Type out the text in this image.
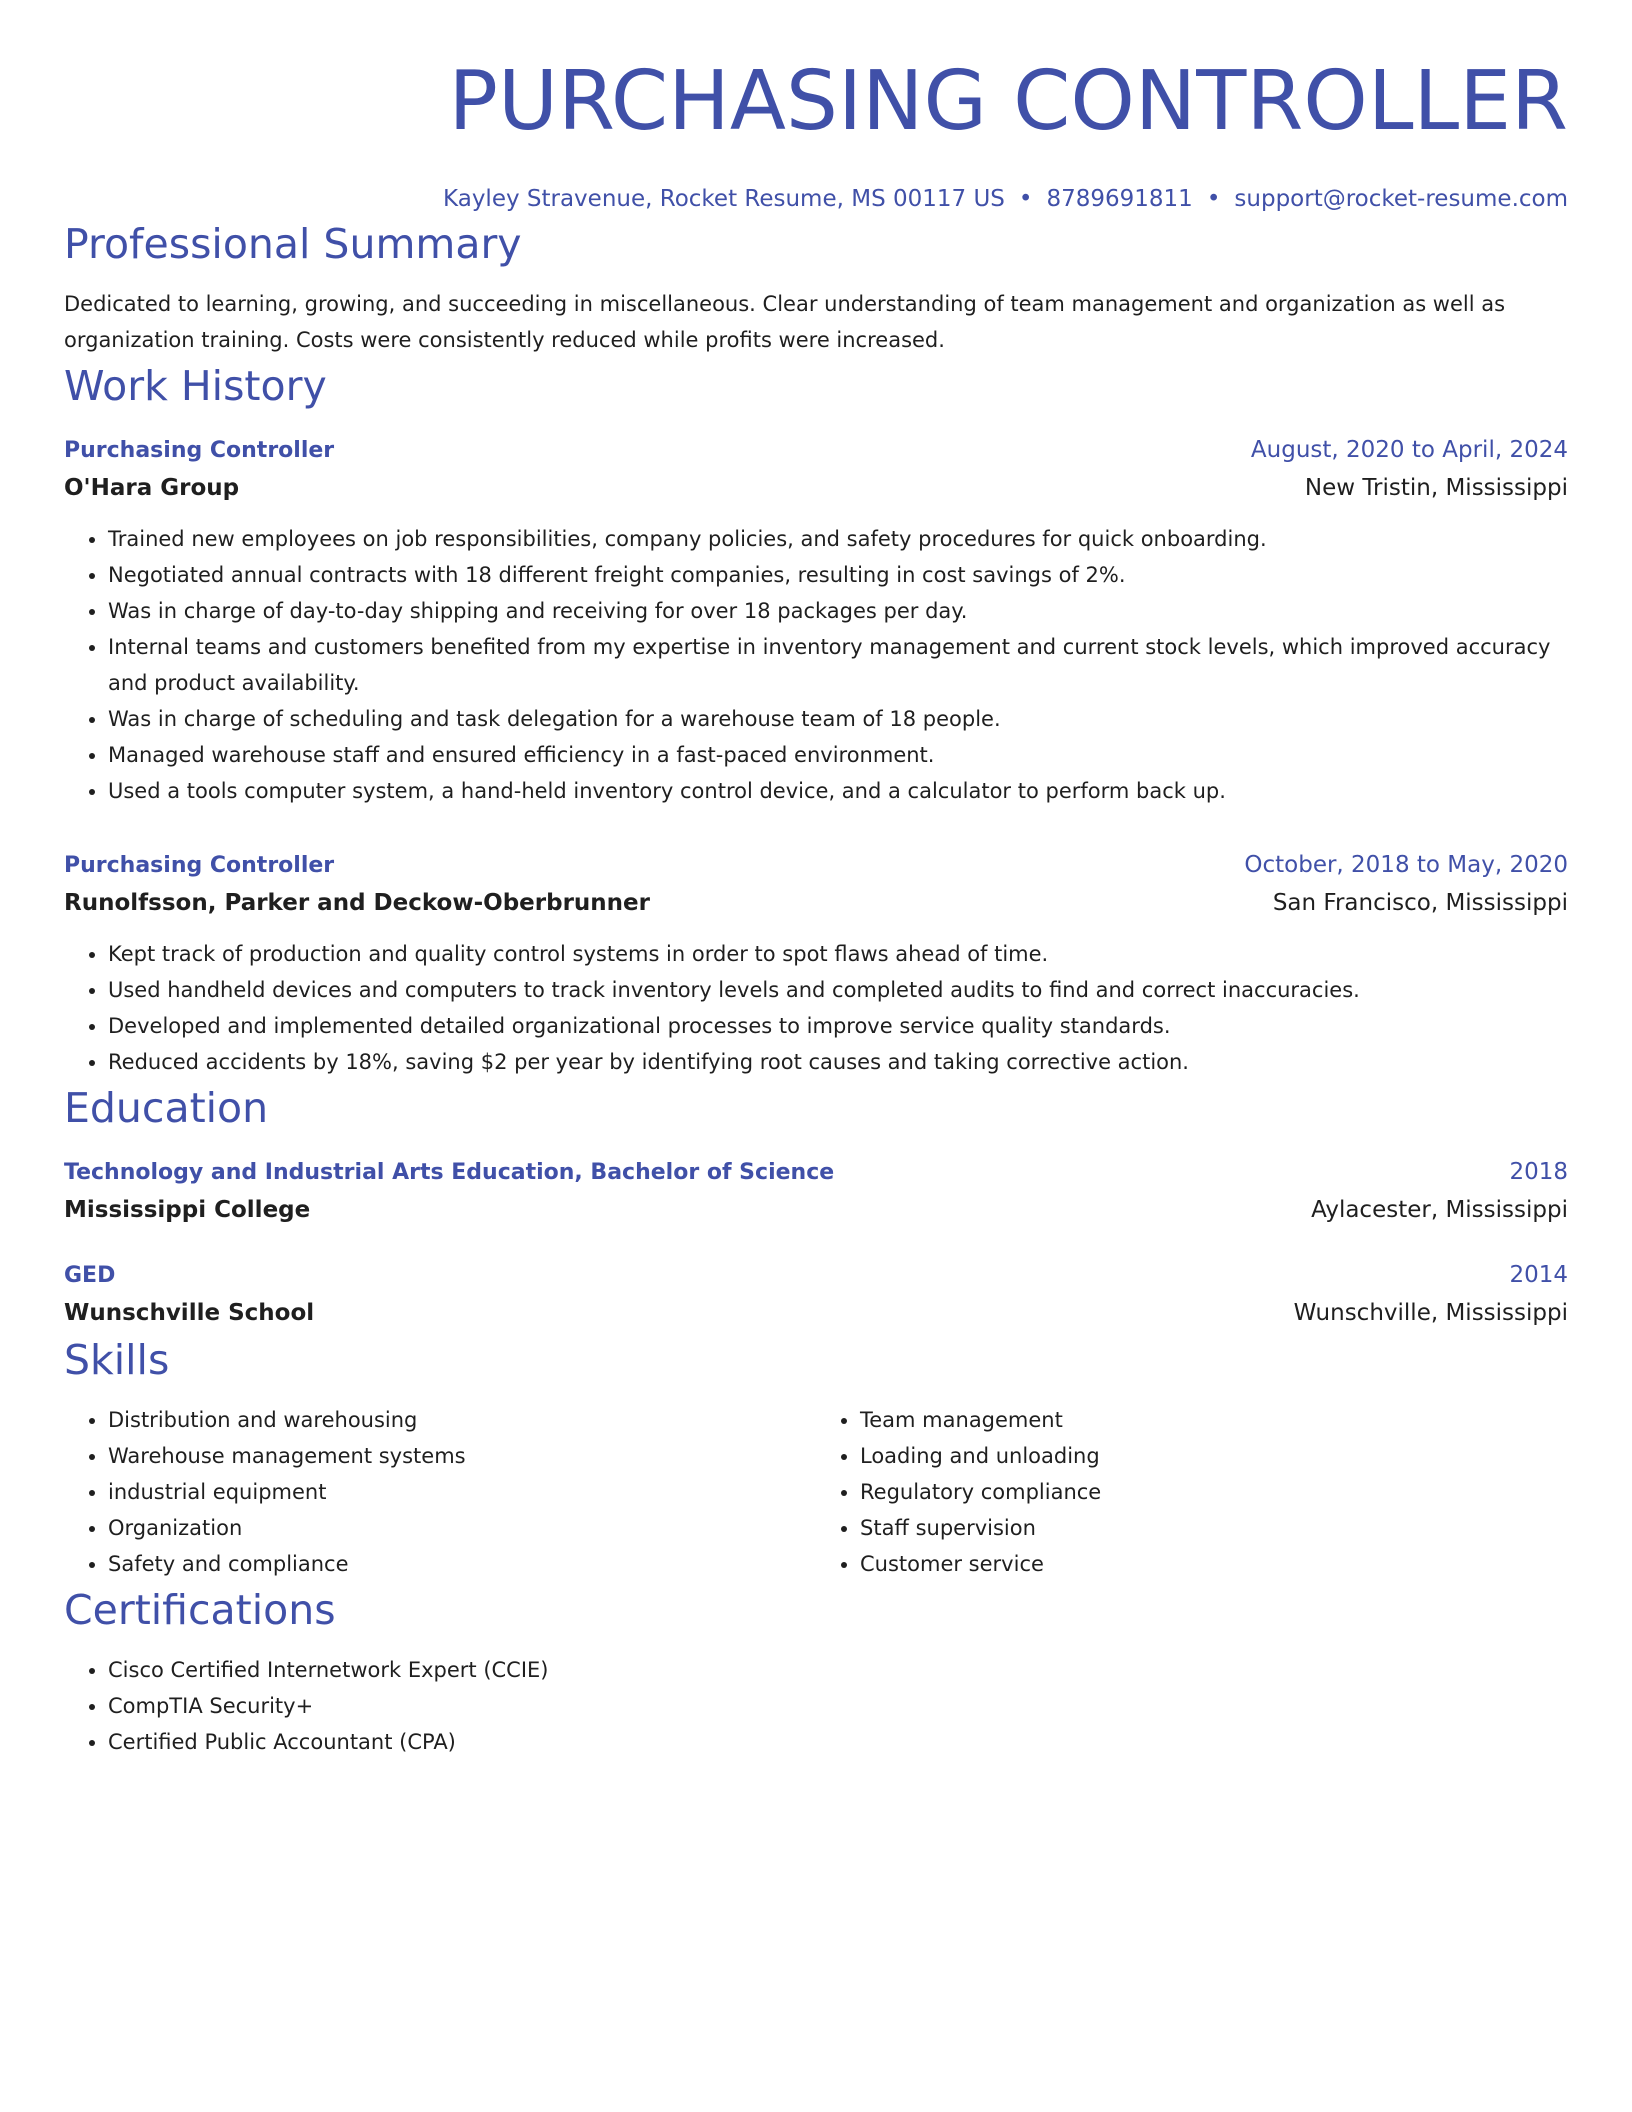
PURCHASING CONTROLLER
Kayley Stravenue, Rocket Resume, MS 00117 US • 8789691811 • support@rocket-resume.com
Professional Summary
Dedicated to learning, growing, and succeeding in miscellaneous. Clear understanding of team management and organization as well as organization training. Costs were consistently reduced while profits were increased.
Work History
Purchasing Controller	August, 2020 to April, 2024
O'Hara Group	New Tristin, Mississippi
• Trained new employees on job responsibilities, company policies, and safety procedures for quick onboarding.
• Negotiated annual contracts with 18 different freight companies, resulting in cost savings of 2%.
• Was in charge of day-to-day shipping and receiving for over 18 packages per day.
• Internal teams and customers benefited from my expertise in inventory management and current stock levels, which improved accuracy and product availability.
• Was in charge of scheduling and task delegation for a warehouse team of 18 people.
• Managed warehouse staff and ensured efficiency in a fast-paced environment.
• Used a tools computer system, a hand-held inventory control device, and a calculator to perform back up.
Purchasing Controller	October, 2018 to May, 2020
Runolfsson, Parker and Deckow-Oberbrunner	San Francisco, Mississippi
• Kept track of production and quality control systems in order to spot flaws ahead of time.
• Used handheld devices and computers to track inventory levels and completed audits to find and correct inaccuracies.
• Developed and implemented detailed organizational processes to improve service quality standards.
• Reduced accidents by 18%, saving $2 per year by identifying root causes and taking corrective action.
Education
Technology and Industrial Arts Education, Bachelor of Science	2018
Mississippi College	Aylacester, Mississippi
GED	2014
Wunschville School	Wunschville, Mississippi
Skills
• Distribution and warehousing
• Warehouse management systems
• industrial equipment
• Organization
• Safety and compliance
• Team management
• Loading and unloading
• Regulatory compliance
• Staff supervision
• Customer service
Certifications
• Cisco Certified Internetwork Expert (CCIE)
• CompTIA Security+
• Certified Public Accountant (CPA)
